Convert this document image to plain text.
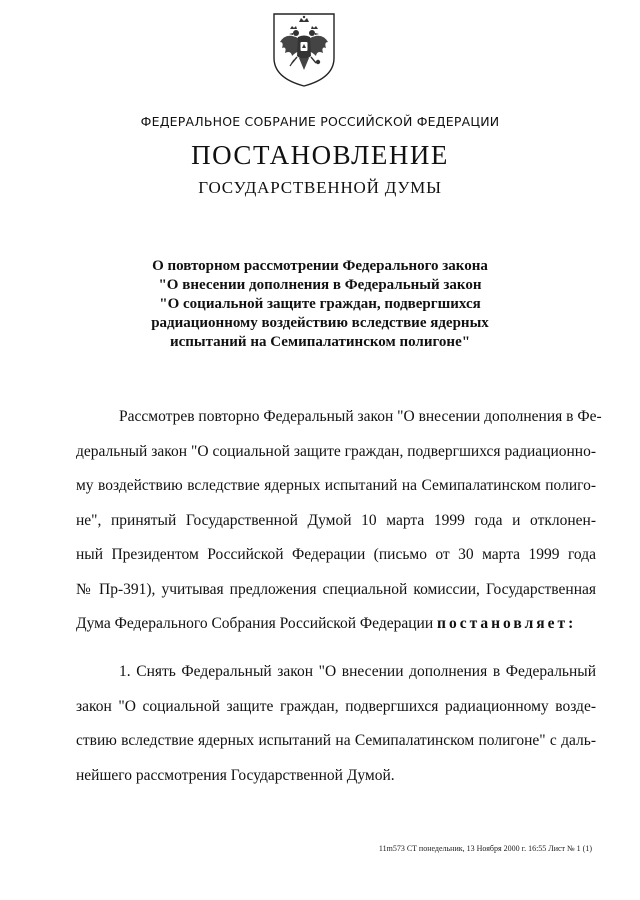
ФЕДЕРАЛЬНОЕ СОБРАНИЕ РОССИЙСКОЙ ФЕДЕРАЦИИ
ПОСТАНОВЛЕНИЕ
ГОСУДАРСТВЕННОЙ ДУМЫ
О повторном рассмотрении Федерального закона
"О внесении дополнения в Федеральный закон
"О социальной защите граждан, подвергшихся
радиационному воздействию вследствие ядерных
испытаний на Семипалатинском полигоне"
Рассмотрев повторно Федеральный закон "О внесении дополнения в Фе-
деральный закон "О социальной защите граждан, подвергшихся радиационно-
му воздействию вследствие ядерных испытаний на Семипалатинском полиго-
не", принятый Государственной Думой 10 марта 1999 года и отклонен-
ный Президентом Российской Федерации (письмо от 30 марта 1999 года
№ Пр-391), учитывая предложения специальной комиссии, Государственная
Дума Федерального Собрания Российской Федерации постановляет:
1. Снять Федеральный закон "О внесении дополнения в Федеральный
закон "О социальной защите граждан, подвергшихся радиационному возде-
ствию вследствие ядерных испытаний на Семипалатинском полигоне" с даль-
нейшего рассмотрения Государственной Думой.
11m573 CT понедельник, 13 Ноября 2000 г. 16:55 Лист № 1 (1)
